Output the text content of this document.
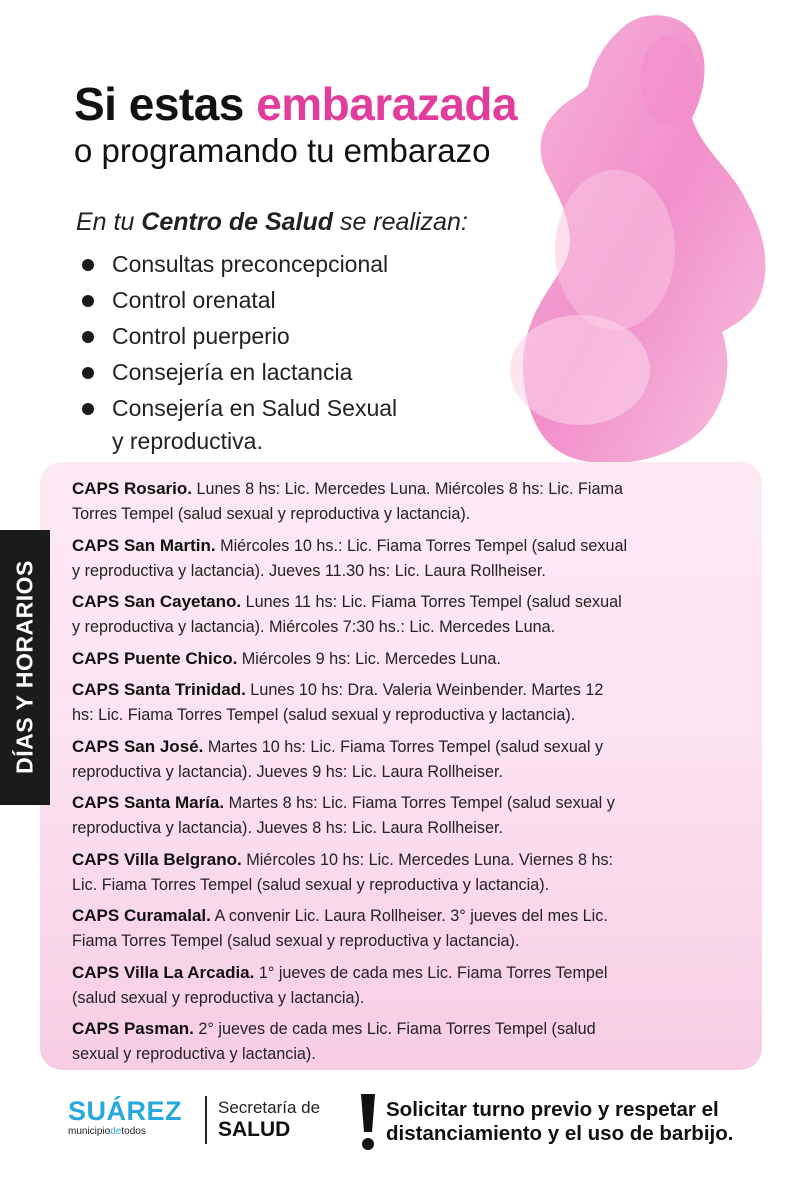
Si estas embarazada
o programando tu embarazo
En tu Centro de Salud se realizan:
Consultas preconcepcional
Control orenatal
Control puerperio
Consejería en lactancia
Consejería en Salud Sexual
y reproductiva.
DÍAS Y HORARIOS
CAPS Rosario. Lunes 8 hs: Lic. Mercedes Luna. Miércoles 8 hs: Lic. Fiama
Torres Tempel (salud sexual y reproductiva y lactancia).
CAPS San Martin. Miércoles 10 hs.: Lic. Fiama Torres Tempel (salud sexual
y reproductiva y lactancia). Jueves 11.30 hs: Lic. Laura Rollheiser.
CAPS San Cayetano. Lunes 11 hs: Lic. Fiama Torres Tempel (salud sexual
y reproductiva y lactancia). Miércoles 7:30 hs.: Lic. Mercedes Luna.
CAPS Puente Chico. Miércoles 9 hs: Lic. Mercedes Luna.
CAPS Santa Trinidad. Lunes 10 hs: Dra. Valeria Weinbender. Martes 12
hs: Lic. Fiama Torres Tempel (salud sexual y reproductiva y lactancia).
CAPS San José. Martes 10 hs: Lic. Fiama Torres Tempel (salud sexual y
reproductiva y lactancia). Jueves 9 hs: Lic. Laura Rollheiser.
CAPS Santa María. Martes 8 hs: Lic. Fiama Torres Tempel (salud sexual y
reproductiva y lactancia). Jueves 8 hs: Lic. Laura Rollheiser.
CAPS Villa Belgrano. Miércoles 10 hs: Lic. Mercedes Luna. Viernes 8 hs:
Lic. Fiama Torres Tempel (salud sexual y reproductiva y lactancia).
CAPS Curamalal. A convenir Lic. Laura Rollheiser. 3° jueves del mes Lic.
Fiama Torres Tempel (salud sexual y reproductiva y lactancia).
CAPS Villa La Arcadia. 1° jueves de cada mes Lic. Fiama Torres Tempel
(salud sexual y reproductiva y lactancia).
CAPS Pasman. 2° jueves de cada mes Lic. Fiama Torres Tempel (salud
sexual y reproductiva y lactancia).
SUÁREZ
municipiodetodos
Secretaría de
SALUD
Solicitar turno previo y respetar el
distanciamiento y el uso de barbijo.
